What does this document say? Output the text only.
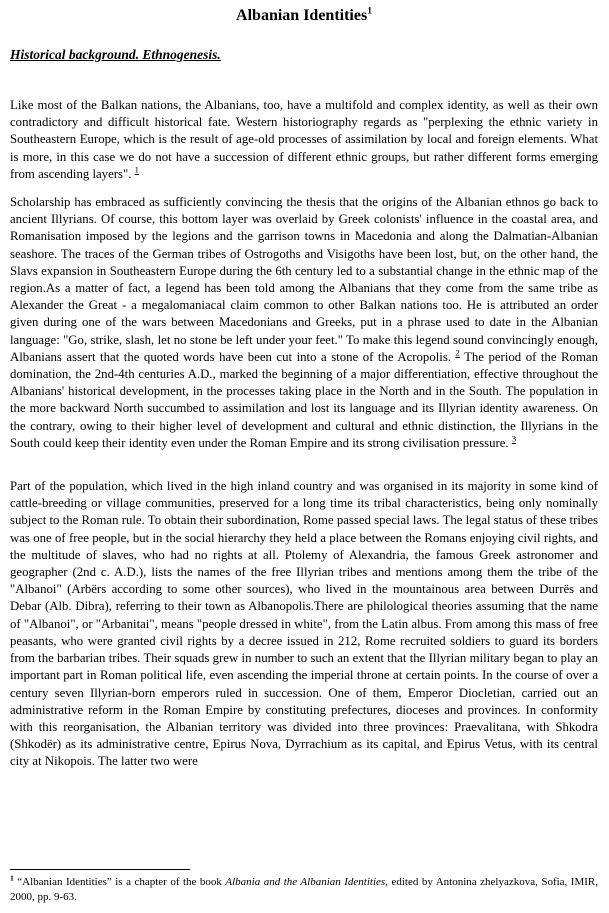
Albanian Identities$^1$
Historical background. Ethnogenesis.

Like most of the Balkan nations, the Albanians, too, have a multifold and complex identity, as well as their own contradictory and difficult historical fate. Western historiography regards as "perplexing the ethnic variety in Southeastern Europe, which is the result of age-old processes of assimilation by local and foreign elements. What is more, in this case we do not have a succession of different ethnic groups, but rather different forms emerging from ascending layers". $^1$

Scholarship has embraced as sufficiently convincing the thesis that the origins of the Albanian ethnos go back to ancient Illyrians. Of course, this bottom layer was overlaid by Greek colonists' influence in the coastal area, and Romanisation imposed by the legions and the garrison towns in Macedonia and along the Dalmatian-Albanian seashore. The traces of the German tribes of Ostrogoths and Visigoths have been lost, but, on the other hand, the Slavs expansion in Southeastern Europe during the 6th century led to a substantial change in the ethnic map of the region.As a matter of fact, a legend has been told among the Albanians that they come from the same tribe as Alexander the Great - a megalomaniacal claim common to other Balkan nations too. He is attributed an order given during one of the wars between Macedonians and Greeks, put in a phrase used to date in the Albanian language: "Go, strike, slash, let no stone be left under your feet." To make this legend sound convincingly enough, Albanians assert that the quoted words have been cut into a stone of the Acropolis. $^2$ The period of the Roman domination, the 2nd-4th centuries A.D., marked the beginning of a major differentiation, effective throughout the Albanians' historical development, in the processes taking place in the North and in the South. The population in the more backward North succumbed to assimilation and lost its language and its Illyrian identity awareness. On the contrary, owing to their higher level of development and cultural and ethnic distinction, the Illyrians in the South could keep their identity even under the Roman Empire and its strong civilisation pressure. $^3$

Part of the population, which lived in the high inland country and was organised in its majority in some kind of cattle-breeding or village communities, preserved for a long time its tribal characteristics, being only nominally subject to the Roman rule. To obtain their subordination, Rome passed special laws. The legal status of these tribes was one of free people, but in the social hierarchy they held a place between the Romans enjoying civil rights, and the multitude of slaves, who had no rights at all. Ptolemy of Alexandria, the famous Greek astronomer and geographer (2nd c. A.D.), lists the names of the free Illyrian tribes and mentions among them the tribe of the "Albanoi" (Arbërs according to some other sources), who lived in the mountainous area between Durrës and Debar (Alb. Dibra), referring to their town as Albanopolis.There are philological theories assuming that the name of "Albanoi", or "Arbanitai", means "people dressed in white", from the Latin albus. From among this mass of free peasants, who were granted civil rights by a decree issued in 212, Rome recruited soldiers to guard its borders from the barbarian tribes. Their squads grew in number to such an extent that the Illyrian military began to play an important part in Roman political life, even ascending the imperial throne at certain points. In the course of over a century seven Illyrian-born emperors ruled in succession. One of them, Emperor Diocletian, carried out an administrative reform in the Roman Empire by constituting prefectures, dioceses and provinces. In conformity with this reorganisation, the Albanian territory was divided into three provinces: Praevalitana, with Shkodra (Shkodër) as its administrative centre, Epirus Nova, Dyrrachium as its capital, and Epirus Vetus, with its central city at Nikopois. The latter two were

$^1$ “Albanian Identities” is a chapter of the book Albania and the Albanian Identities, edited by Antonina zhelyazkova, Sofia, IMIR, 2000, pp. 9-63.
